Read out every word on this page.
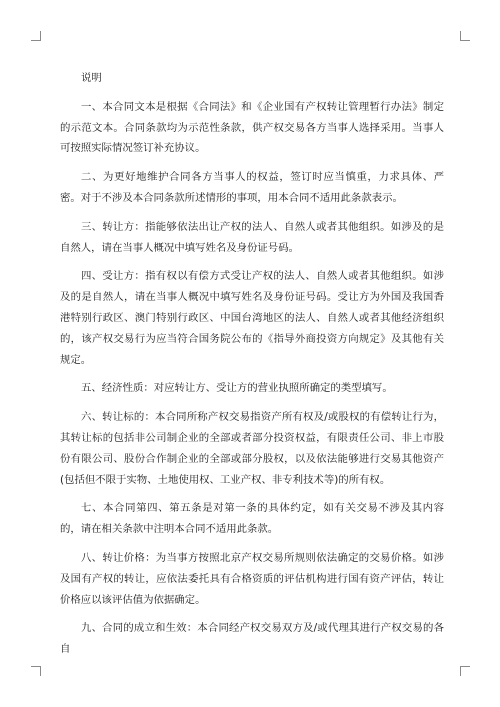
说明

一、本合同文本是根据《合同法》和《企业国有产权转让管理暂行办法》制定的示范文本。合同条款均为示范性条款，供产权交易各方当事人选择采用。当事人可按照实际情况签订补充协议。

二、为更好地维护合同各方当事人的权益，签订时应当慎重，力求具体、严密。对于不涉及本合同条款所述情形的事项，用本合同不适用此条款表示。

三、转让方：指能够依法出让产权的法人、自然人或者其他组织。如涉及的是自然人，请在当事人概况中填写姓名及身份证号码。

四、受让方：指有权以有偿方式受让产权的法人、自然人或者其他组织。如涉及的是自然人，请在当事人概况中填写姓名及身份证号码。受让方为外国及我国香港特别行政区、澳门特别行政区、中国台湾地区的法人、自然人或者其他经济组织的，该产权交易行为应当符合国务院公布的《指导外商投资方向规定》及其他有关规定。

五、经济性质：对应转让方、受让方的营业执照所确定的类型填写。

六、转让标的：本合同所称产权交易指资产所有权及/或股权的有偿转让行为，其转让标的包括非公司制企业的全部或者部分投资权益，有限责任公司、非上市股份有限公司、股份合作制企业的全部或部分股权，以及依法能够进行交易其他资产(包括但不限于实物、土地使用权、工业产权、非专利技术等)的所有权。

七、本合同第四、第五条是对第一条的具体约定，如有关交易不涉及其内容的，请在相关条款中注明本合同不适用此条款。

八、转让价格：为当事方按照北京产权交易所规则依法确定的交易价格。如涉及国有产权的转让，应依法委托具有合格资质的评估机构进行国有资产评估，转让价格应以该评估值为依据确定。

九、合同的成立和生效：本合同经产权交易双方及/或代理其进行产权交易的各自
